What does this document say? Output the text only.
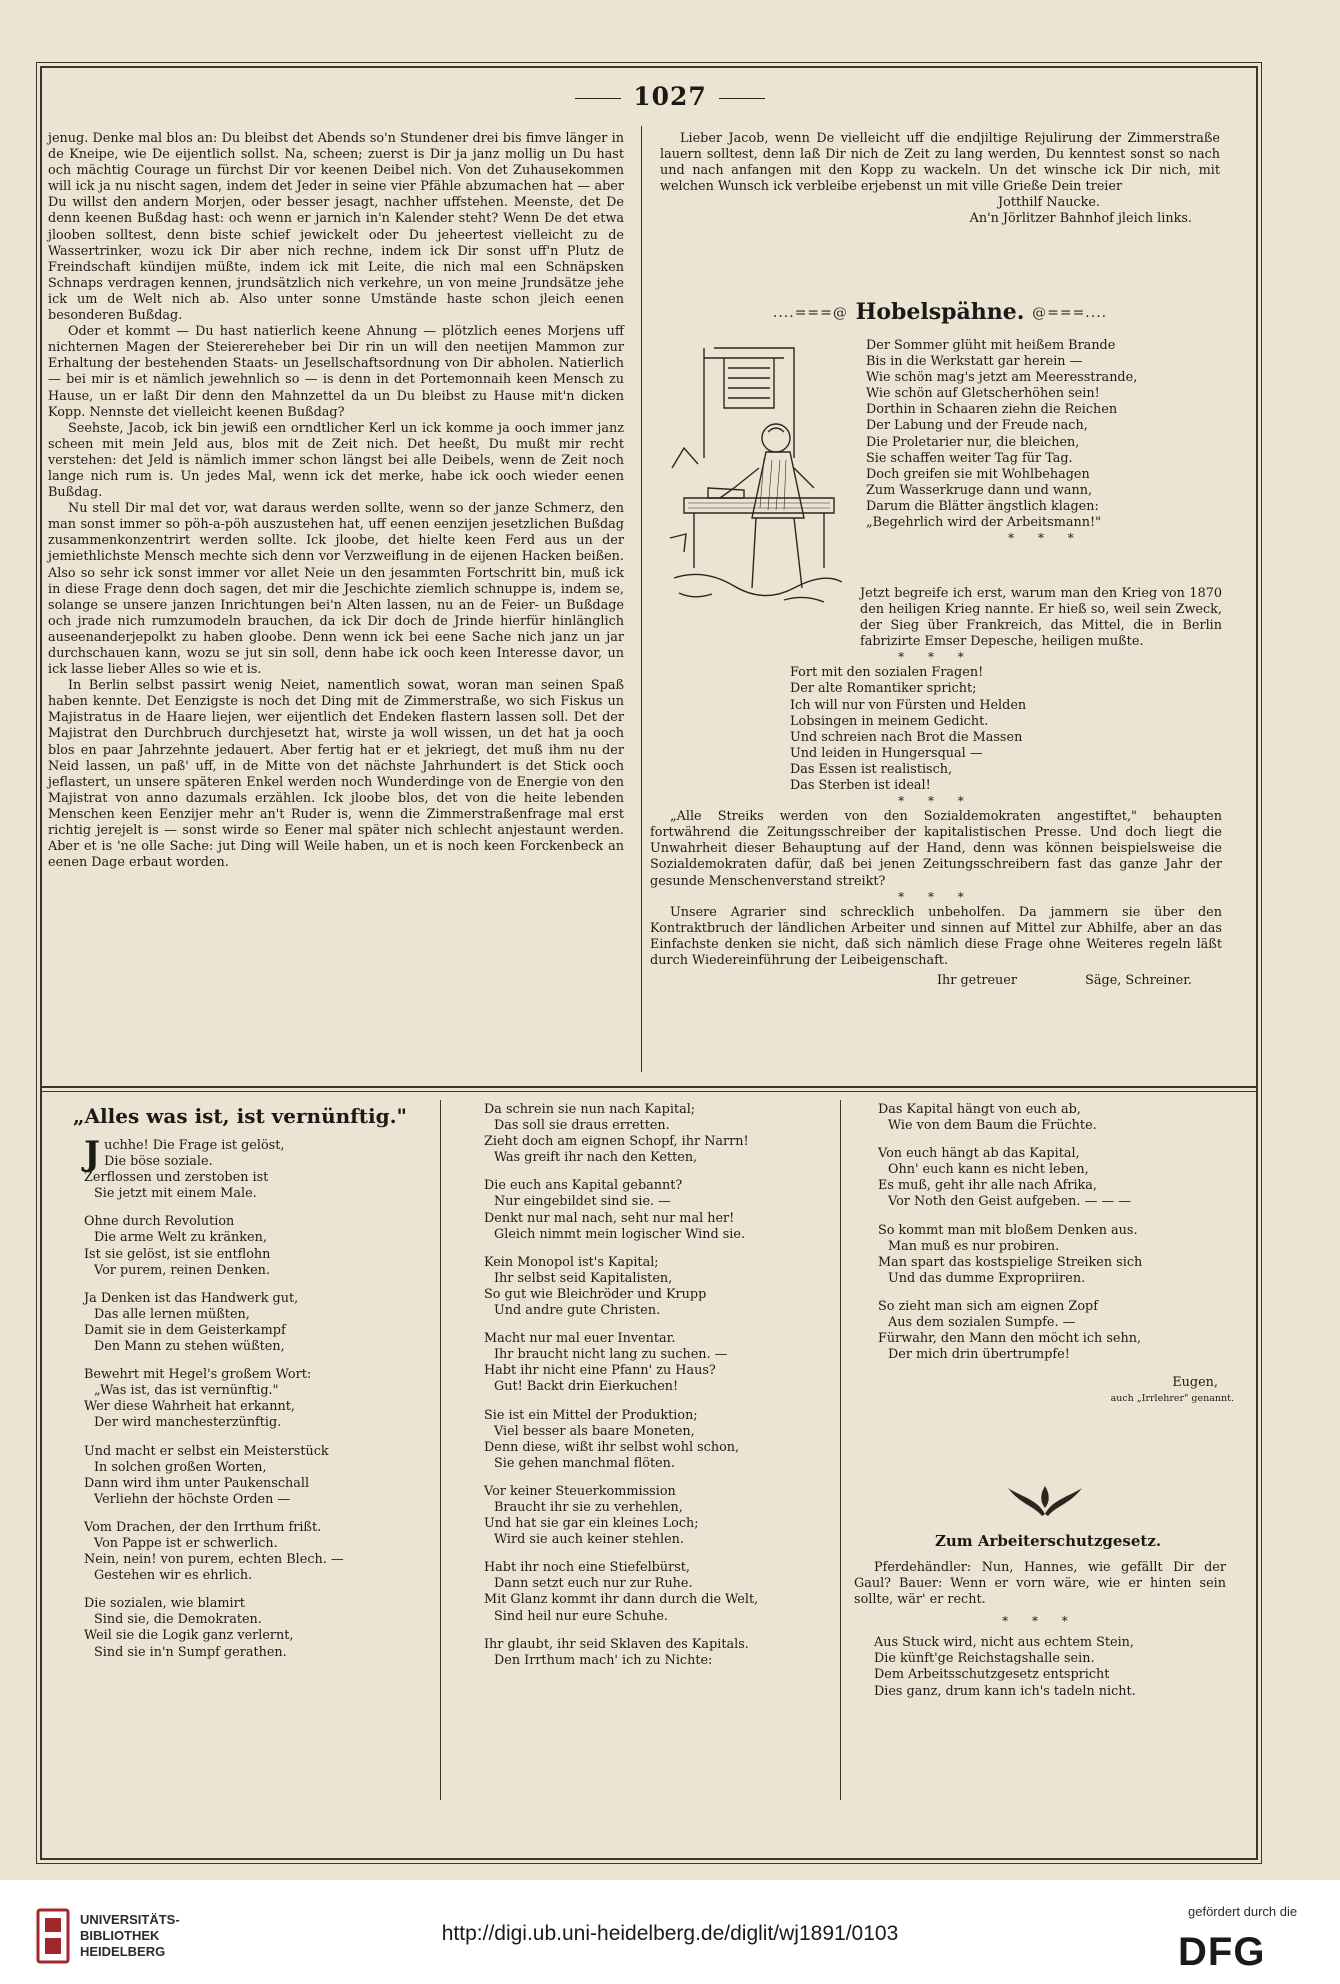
1027

jenug. Denke mal blos an: Du bleibst det Abends so'n Stundener drei bis fimve länger in de Kneipe, wie De eijentlich sollst. Na, scheen; zuerst is Dir ja janz mollig un Du hast och mächtig Courage un fürchst Dir vor keenen Deibel nich. Von det Zuhausekommen will ick ja nu nischt sagen, indem det Jeder in seine vier Pfähle abzumachen hat — aber Du willst den andern Morjen, oder besser jesagt, nachher uffstehen. Meenste, det De denn keenen Bußdag hast: och wenn er jarnich in'n Kalender steht? Wenn De det etwa jlooben solltest, denn biste schief jewickelt oder Du jeheertest vielleicht zu de Wassertrinker, wozu ick Dir aber nich rechne, indem ick Dir sonst uff'n Plutz de Freindschaft kündijen müßte, indem ick mit Leite, die nich mal een Schnäpsken Schnaps verdragen kennen, jrundsätzlich nich verkehre, un von meine Jrundsätze jehe ick um de Welt nich ab. Also unter sonne Umstände haste schon jleich eenen besonderen Bußdag.

Oder et kommt — Du hast natierlich keene Ahnung — plötzlich eenes Morjens uff nichternen Magen der Steierereheber bei Dir rin un will den neetijen Mammon zur Erhaltung der bestehenden Staats- un Jesellschaftsordnung von Dir abholen. Natierlich — bei mir is et nämlich jewehnlich so — is denn in det Portemonnaih keen Mensch zu Hause, un er laßt Dir denn den Mahnzettel da un Du bleibst zu Hause mit'n dicken Kopp. Nennste det vielleicht keenen Bußdag?

Seehste, Jacob, ick bin jewiß een orndtlicher Kerl un ick komme ja ooch immer janz scheen mit mein Jeld aus, blos mit de Zeit nich. Det heeßt, Du mußt mir recht verstehen: det Jeld is nämlich immer schon längst bei alle Deibels, wenn de Zeit noch lange nich rum is. Un jedes Mal, wenn ick det merke, habe ick ooch wieder eenen Bußdag.

Nu stell Dir mal det vor, wat daraus werden sollte, wenn so der janze Schmerz, den man sonst immer so pöh-a-pöh auszustehen hat, uff eenen eenzijen jesetzlichen Bußdag zusammenkonzentrirt werden sollte. Ick jloobe, det hielte keen Ferd aus un der jemiethlichste Mensch mechte sich denn vor Verzweiflung in de eijenen Hacken beißen. Also so sehr ick sonst immer vor allet Neie un den jesammten Fortschritt bin, muß ick in diese Frage denn doch sagen, det mir die Jeschichte ziemlich schnuppe is, indem se, solange se unsere janzen Inrichtungen bei'n Alten lassen, nu an de Feier- un Bußdage och jrade nich rumzumodeln brauchen, da ick Dir doch de Jrinde hierfür hinlänglich auseenanderjepolkt zu haben gloobe. Denn wenn ick bei eene Sache nich janz un jar durchschauen kann, wozu se jut sin soll, denn habe ick ooch keen Interesse davor, un ick lasse lieber Alles so wie et is.

In Berlin selbst passirt wenig Neiet, namentlich sowat, woran man seinen Spaß haben kennte. Det Eenzigste is noch det Ding mit de Zimmerstraße, wo sich Fiskus un Majistratus in de Haare liejen, wer eijentlich det Endeken flastern lassen soll. Det der Majistrat den Durchbruch durchjesetzt hat, wirste ja woll wissen, un det hat ja ooch blos en paar Jahrzehnte jedauert. Aber fertig hat er et jekriegt, det muß ihm nu der Neid lassen, un paß' uff, in de Mitte von det nächste Jahrhundert is det Stick ooch jeflastert, un unsere späteren Enkel werden noch Wunderdinge von de Energie von den Majistrat von anno dazumals erzählen. Ick jloobe blos, det von die heite lebenden Menschen keen Eenzijer mehr an't Ruder is, wenn die Zimmerstraßenfrage mal erst richtig jerejelt is — sonst wirde so Eener mal später nich schlecht anjestaunt werden. Aber et is 'ne olle Sache: jut Ding will Weile haben, un et is noch keen Forckenbeck an eenen Dage erbaut worden.

Lieber Jacob, wenn De vielleicht uff die endjiltige Rejulirung der Zimmerstraße lauern solltest, denn laß Dir nich de Zeit zu lang werden, Du kenntest sonst so nach und nach anfangen mit den Kopp zu wackeln. Un det winsche ick Dir nich, mit welchen Wunsch ick verbleibe erjebenst un mit ville Grieße Dein treier

Jotthilf Naucke.
An'n Jörlitzer Bahnhof jleich links.
....===@ Hobelspähne. @===....
Der Sommer glüht mit heißem Brande
Bis in die Werkstatt gar herein —
Wie schön mag's jetzt am Meeresstrande,
Wie schön auf Gletscherhöhen sein!
Dorthin in Schaaren ziehn die Reichen
Der Labung und der Freude nach,
Die Proletarier nur, die bleichen,
Sie schaffen weiter Tag für Tag.
Doch greifen sie mit Wohlbehagen
Zum Wasserkruge dann und wann,
Darum die Blätter ängstlich klagen:
„Begehrlich wird der Arbeitsmann!"
* * *

Jetzt begreife ich erst, warum man den Krieg von 1870 den heiligen Krieg nannte. Er hieß so, weil sein Zweck, der Sieg über Frankreich, das Mittel, die in Berlin fabrizirte Emser Depesche, heiligen mußte.

* * *
Fort mit den sozialen Fragen!
Der alte Romantiker spricht;
Ich will nur von Fürsten und Helden
Lobsingen in meinem Gedicht.
Und schreien nach Brot die Massen
Und leiden in Hungersqual —
Das Essen ist realistisch,
Das Sterben ist ideal!
* * *

„Alle Streiks werden von den Sozialdemokraten angestiftet," behaupten fortwährend die Zeitungsschreiber der kapitalistischen Presse. Und doch liegt die Unwahrheit dieser Behauptung auf der Hand, denn was können beispielsweise die Sozialdemokraten dafür, daß bei jenen Zeitungsschreibern fast das ganze Jahr der gesunde Menschenverstand streikt?

* * *

Unsere Agrarier sind schrecklich unbeholfen. Da jammern sie über den Kontraktbruch der ländlichen Arbeiter und sinnen auf Mittel zur Abhilfe, aber an das Einfachste denken sie nicht, daß sich nämlich diese Frage ohne Weiteres regeln läßt durch Wiedereinführung der Leibeigenschaft.

Ihr getreuer	Säge, Schreiner.
„Alles was ist, ist vernünftig."
Juchhe! Die Frage ist gelöst,
Die böse soziale.
Zerflossen und zerstoben ist
Sie jetzt mit einem Male.
Ohne durch Revolution
Die arme Welt zu kränken,
Ist sie gelöst, ist sie entflohn
Vor purem, reinen Denken.
Ja Denken ist das Handwerk gut,
Das alle lernen müßten,
Damit sie in dem Geisterkampf
Den Mann zu stehen wüßten,
Bewehrt mit Hegel's großem Wort:
„Was ist, das ist vernünftig."
Wer diese Wahrheit hat erkannt,
Der wird manchesterzünftig.
Und macht er selbst ein Meisterstück
In solchen großen Worten,
Dann wird ihm unter Paukenschall
Verliehn der höchste Orden —
Vom Drachen, der den Irrthum frißt.
Von Pappe ist er schwerlich.
Nein, nein! von purem, echten Blech. —
Gestehen wir es ehrlich.
Die sozialen, wie blamirt
Sind sie, die Demokraten.
Weil sie die Logik ganz verlernt,
Sind sie in'n Sumpf gerathen.
Da schrein sie nun nach Kapital;
Das soll sie draus erretten.
Zieht doch am eignen Schopf, ihr Narrn!
Was greift ihr nach den Ketten,
Die euch ans Kapital gebannt?
Nur eingebildet sind sie. —
Denkt nur mal nach, seht nur mal her!
Gleich nimmt mein logischer Wind sie.
Kein Monopol ist's Kapital;
Ihr selbst seid Kapitalisten,
So gut wie Bleichröder und Krupp
Und andre gute Christen.
Macht nur mal euer Inventar.
Ihr braucht nicht lang zu suchen. —
Habt ihr nicht eine Pfann' zu Haus?
Gut! Backt drin Eierkuchen!
Sie ist ein Mittel der Produktion;
Viel besser als baare Moneten,
Denn diese, wißt ihr selbst wohl schon,
Sie gehen manchmal flöten.
Vor keiner Steuerkommission
Braucht ihr sie zu verhehlen,
Und hat sie gar ein kleines Loch;
Wird sie auch keiner stehlen.
Habt ihr noch eine Stiefelbürst,
Dann setzt euch nur zur Ruhe.
Mit Glanz kommt ihr dann durch die Welt,
Sind heil nur eure Schuhe.
Ihr glaubt, ihr seid Sklaven des Kapitals.
Den Irrthum mach' ich zu Nichte:
Das Kapital hängt von euch ab,
Wie von dem Baum die Früchte.
Von euch hängt ab das Kapital,
Ohn' euch kann es nicht leben,
Es muß, geht ihr alle nach Afrika,
Vor Noth den Geist aufgeben. — — —
So kommt man mit bloßem Denken aus.
Man muß es nur probiren.
Man spart das kostspielige Streiken sich
Und das dumme Expropriiren.
So zieht man sich am eignen Zopf
Aus dem sozialen Sumpfe. —
Fürwahr, den Mann den möcht ich sehn,
Der mich drin übertrumpfe!
Eugen,
auch „Irrlehrer" genannt.
Zum Arbeiterschutzgesetz.

Pferdehändler: Nun, Hannes, wie gefällt Dir der Gaul? Bauer: Wenn er vorn wäre, wie er hinten sein sollte, wär' er recht.

* * *
Aus Stuck wird, nicht aus echtem Stein,
Die künft'ge Reichstagshalle sein.
Dem Arbeitsschutzgesetz entspricht
Dies ganz, drum kann ich's tadeln nicht.
UNIVERSITÄTS-
BIBLIOTHEK
HEIDELBERG
http://digi.ub.uni-heidelberg.de/diglit/wj1891/0103
gefördert durch die
DFG
